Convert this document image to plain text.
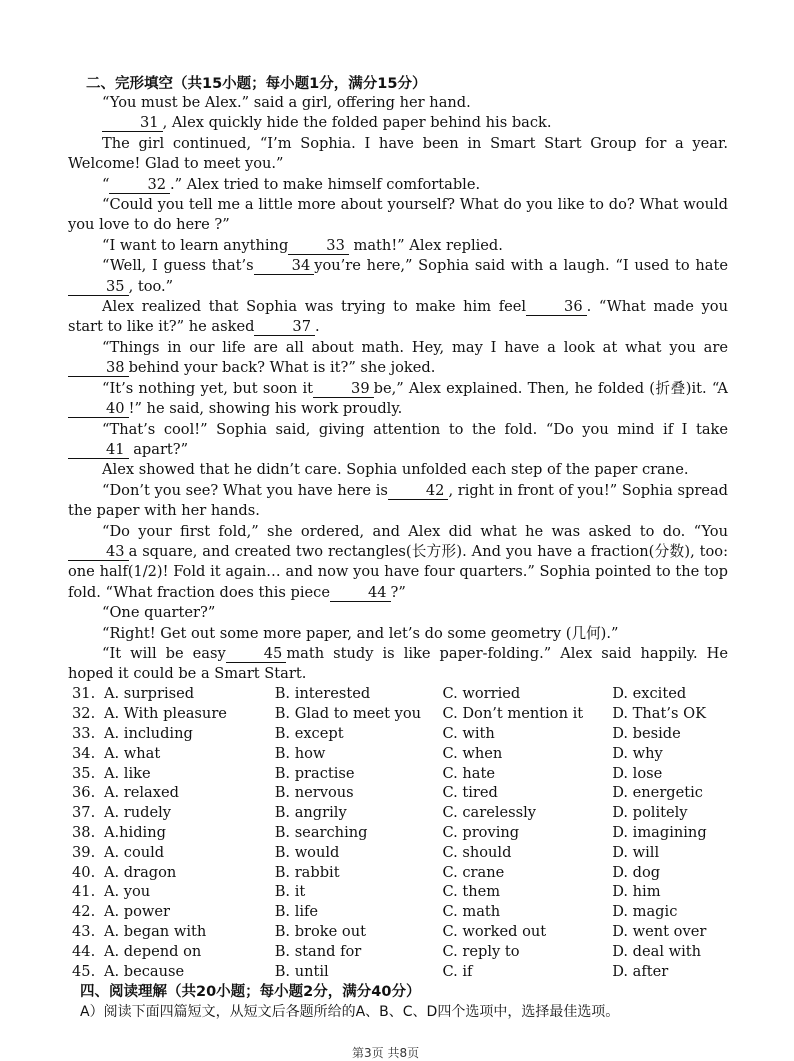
二、完形填空（共15小题；每小题1分，满分15分）

“You must be Alex.” said a girl, offering her hand.

31 , Alex quickly hide the folded paper behind his back.

The girl continued, “I’m Sophia. I have been in Smart Start Group for a year. Welcome! Glad to meet you.”

“	32 .” Alex tried to make himself comfortable.

“Could you tell me a little more about yourself? What do you like to do? What would you love to do here ?”

“I want to learn anything	33 math!” Alex replied.

“Well, I guess that’s	34 you’re here,” Sophia said with a laugh. “I used to hate35 , too.”

Alex realized that Sophia was trying to make him feel	36 . “What made you start to like it?” he asked	37 .

“Things in our life are all about math. Hey, may I have a look at what you are38 behind your back? What is it?” she joked.

“It’s nothing yet, but soon it	39 be,” Alex explained. Then, he folded (折叠)it. “A 40 !” he said, showing his work proudly.

“That’s cool!” Sophia said, giving attention to the fold. “Do you mind if I take41 apart?”

Alex showed that he didn’t care. Sophia unfolded each step of the paper crane.

“Don’t you see? What you have here is	42 , right in front of you!” Sophia spread the paper with her hands.

“Do your first fold,” she ordered, and Alex did what he was asked to do. “You43 a square, and created two rectangles(长方形). And you have a fraction(分数), too: one half(1/2)! Fold it again… and now you have four quarters.” Sophia pointed to the top fold. “What fraction does this piece	44 ?”

“One quarter?”

“Right! Get out some more paper, and let’s do some geometry (几何).”

“It will be easy	45 math study is like paper-folding.” Alex said happily. He hoped it could be a Smart Start.

31. A. surprised	B. interested	C. worried	D. excited
32. A. With pleasure	B. Glad to meet you	C. Don’t mention it	D. That’s OK
33. A. including	B. except	C. with	D. beside
34. A. what	B. how	C. when	D. why
35. A. like	B. practise	C. hate	D. lose
36. A. relaxed	B. nervous	C. tired	D. energetic
37. A. rudely	B. angrily	C. carelessly	D. politely
38. A.hiding	B. searching	C. proving	D. imagining
39. A. could	B. would	C. should	D. will
40. A. dragon	B. rabbit	C. crane	D. dog
41. A. you	B. it	C. them	D. him
42. A. power	B. life	C. math	D. magic
43. A. began with	B. broke out	C. worked out	D. went over
44. A. depend on	B. stand for	C. reply to	D. deal with
45. A. because	B. until	C. if	D. after
四、阅读理解（共20小题；每小题2分，满分40分）
A）阅读下面四篇短文，从短文后各题所给的A、B、C、D四个选项中，选择最佳选项。
第3页 共8页
